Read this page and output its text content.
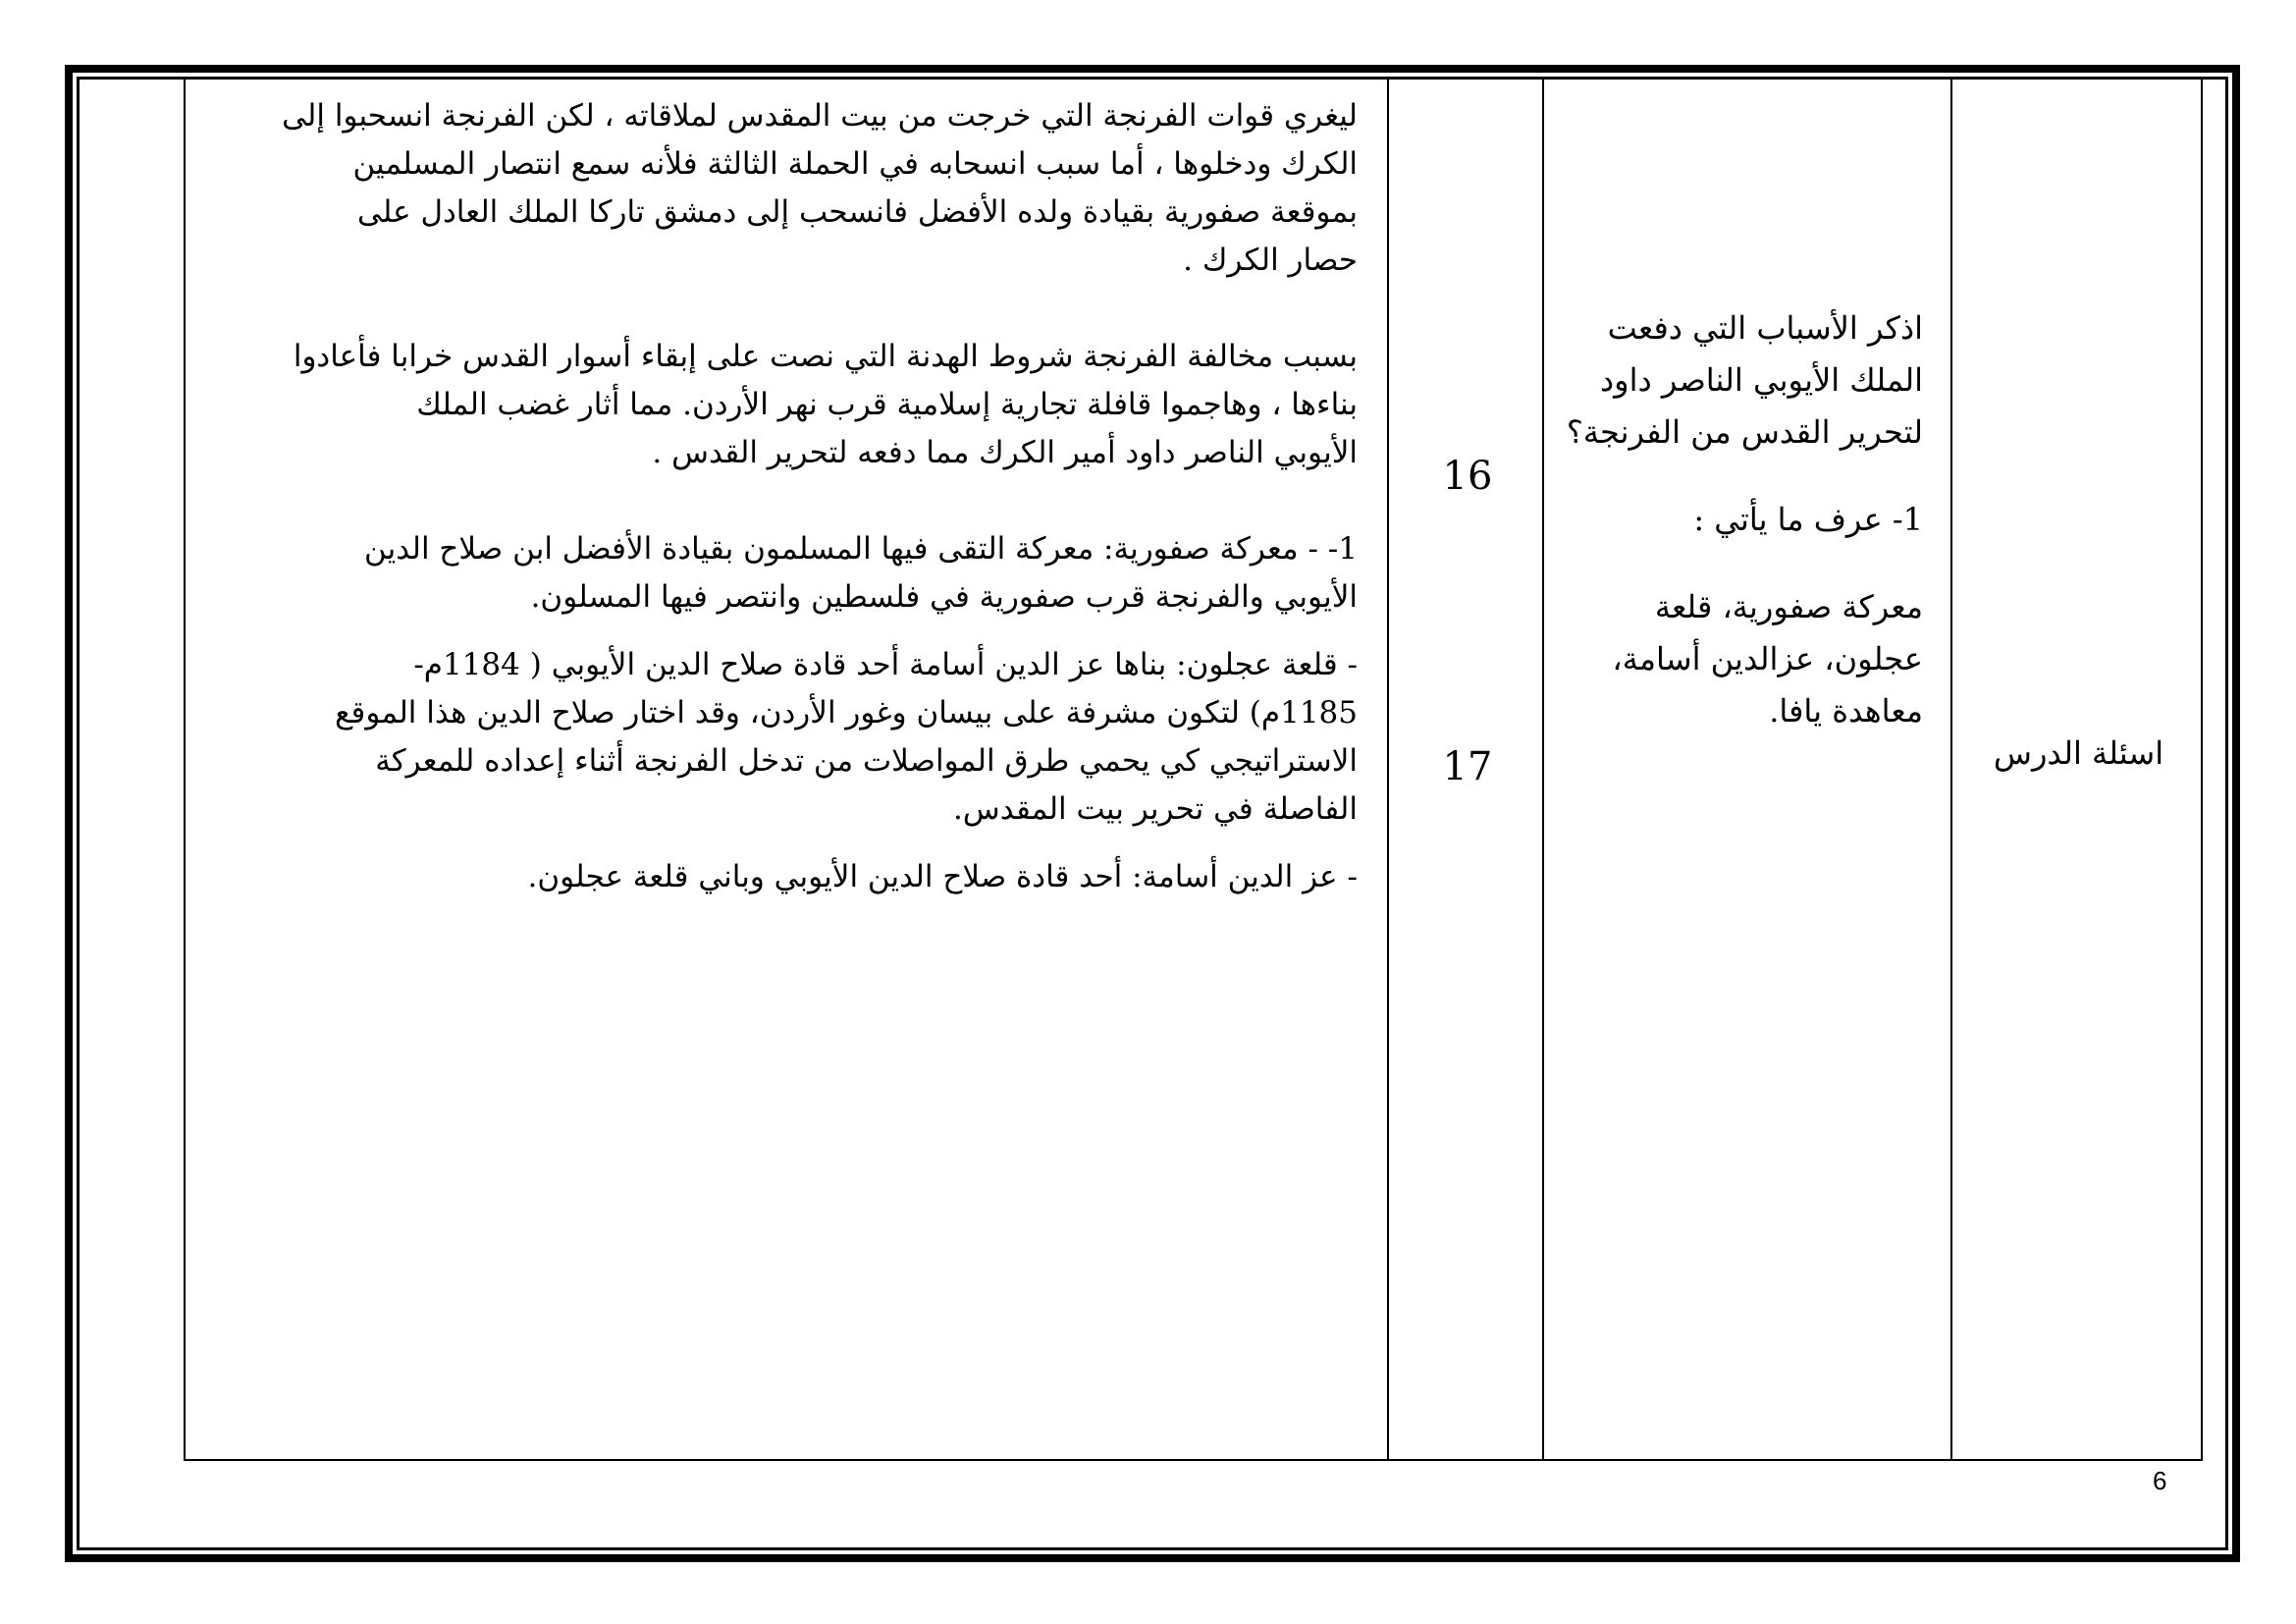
ليغري قوات الفرنجة التي خرجت من بيت المقدس لملاقاته ، لكن الفرنجة انسحبوا إلى

الكرك ودخلوها ، أما سبب انسحابه في الحملة الثالثة فلأنه سمع انتصار المسلمين

بموقعة صفورية بقيادة ولده الأفضل فانسحب إلى دمشق تاركا الملك العادل على

حصار الكرك .

بسبب مخالفة الفرنجة شروط الهدنة التي نصت على إبقاء أسوار القدس خرابا فأعادوا

بناءها ، وهاجموا قافلة تجارية إسلامية قرب نهر الأردن. مما أثار غضب الملك

الأيوبي الناصر داود أمير الكرك مما دفعه لتحرير القدس .

1- - معركة صفورية: معركة التقى فيها المسلمون بقيادة الأفضل ابن صلاح الدين

الأيوبي والفرنجة قرب صفورية في فلسطين وانتصر فيها المسلون.

- قلعة عجلون: بناها عز الدين أسامة أحد قادة صلاح الدين الأيوبي ( 1184م-

1185م) لتكون مشرفة على بيسان وغور الأردن، وقد اختار صلاح الدين هذا الموقع

الاستراتيجي كي يحمي طرق المواصلات من تدخل الفرنجة أثناء إعداده للمعركة

الفاصلة في تحرير بيت المقدس.

- عز الدين أسامة: أحد قادة صلاح الدين الأيوبي وباني قلعة عجلون.

16
17

اذكر الأسباب التي دفعت

الملك الأيوبي الناصر داود

لتحرير القدس من الفرنجة؟

1- عرف ما يأتي :

معركة صفورية، قلعة

عجلون، عزالدين أسامة،

معاهدة يافا.

اسئلة الدرس
6
